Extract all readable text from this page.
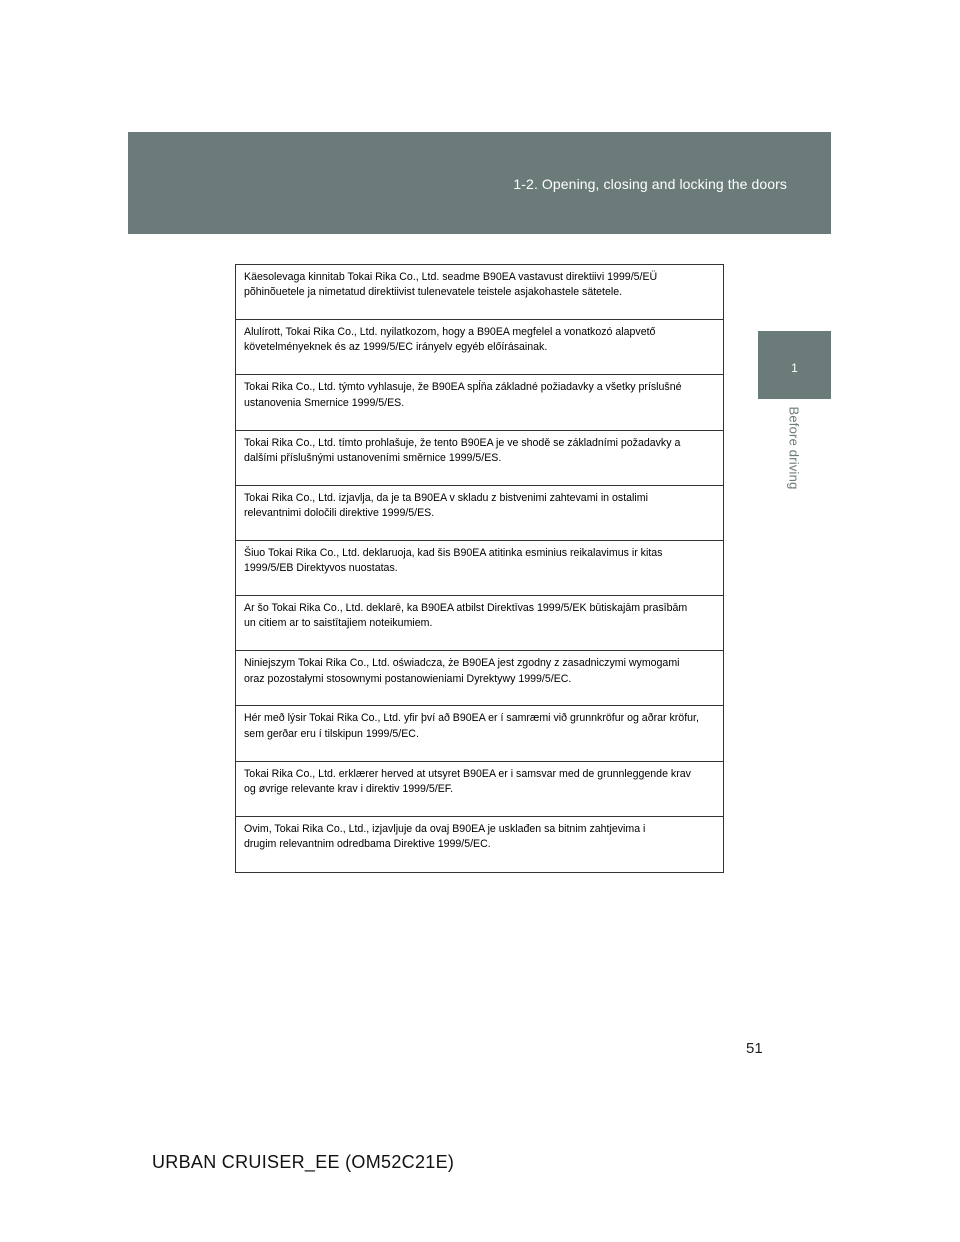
1-2. Opening, closing and locking the doors
1
Before driving
Käesolevaga kinnitab Tokai Rika Co., Ltd. seadme B90EA vastavust direktiivi 1999/5/EÜ
põhinõuetele ja nimetatud direktiivist tulenevatele teistele asjakohastele sätetele.
Alulírott, Tokai Rika Co., Ltd. nyilatkozom, hogy a B90EA megfelel a vonatkozó alapvető
követelményeknek és az 1999/5/EC irányelv egyéb előírásainak.
Tokai Rika Co., Ltd. týmto vyhlasuje, že B90EA spĺňa základné požiadavky a všetky príslušné
ustanovenia Smernice 1999/5/ES.
Tokai Rika Co., Ltd. tímto prohlašuje, že tento B90EA je ve shodě se základními požadavky a
dalšími příslušnými ustanoveními směrnice 1999/5/ES.
Tokai Rika Co., Ltd. izjavlja, da je ta B90EA v skladu z bistvenimi zahtevami in ostalimi
relevantnimi določili direktive 1999/5/ES.
Šiuo Tokai Rika Co., Ltd. deklaruoja, kad šis B90EA atitinka esminius reikalavimus ir kitas
1999/5/EB Direktyvos nuostatas.
Ar šo Tokai Rika Co., Ltd. deklarē, ka B90EA atbilst Direktīvas 1999/5/EK būtiskajām prasībām
un citiem ar to saistītajiem noteikumiem.
Niniejszym Tokai Rika Co., Ltd. oświadcza, że B90EA jest zgodny z zasadniczymi wymogami
oraz pozostałymi stosownymi postanowieniami Dyrektywy 1999/5/EC.
Hér með lýsir Tokai Rika Co., Ltd. yfir því að B90EA er í samræmi við grunnkröfur og aðrar kröfur,
sem gerðar eru í tilskipun 1999/5/EC.
Tokai Rika Co., Ltd. erklærer herved at utsyret B90EA er i samsvar med de grunnleggende krav
og øvrige relevante krav i direktiv 1999/5/EF.
Ovim, Tokai Rika Co., Ltd., izjavljuje da ovaj B90EA je usklađen sa bitnim zahtjevima i
drugim relevantnim odredbama Direktive 1999/5/EC.
51
URBAN CRUISER_EE (OM52C21E)
